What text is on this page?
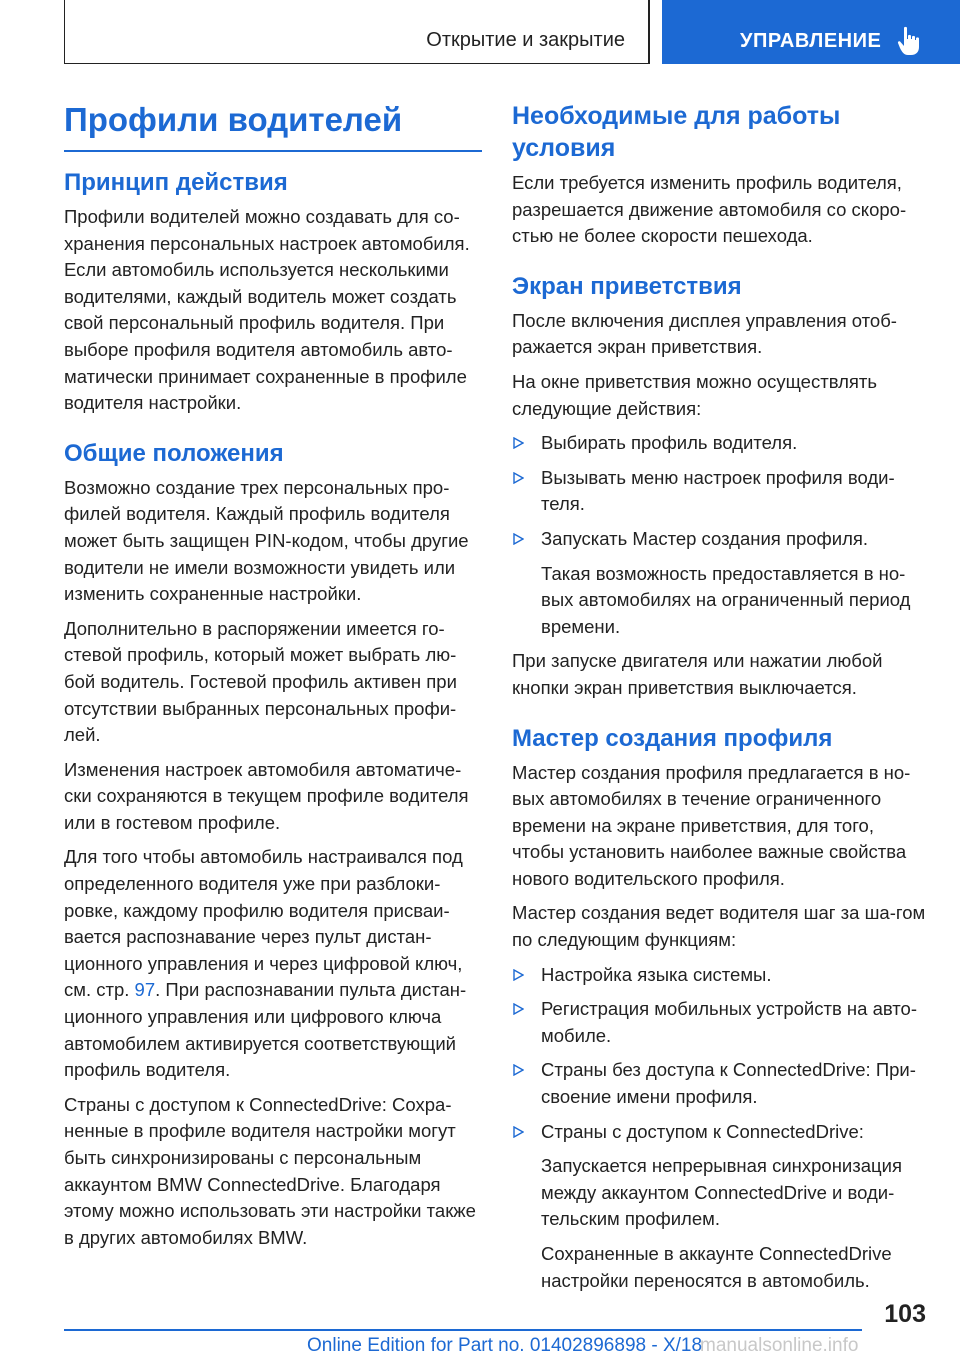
Открытие и закрытие	УПРАВЛЕНИЕ
Профили водителей
Принцип действия

Профили водителей можно создавать для со-хранения персональных настроек автомобиля. Если автомобиль используется несколькими водителями, каждый водитель может создать свой персональный профиль водителя. При выборе профиля водителя автомобиль авто-матически принимает сохраненные в профиле водителя настройки.

Общие положения

Возможно создание трех персональных про-филей водителя. Каждый профиль водителя может быть защищен PIN-кодом, чтобы другие водители не имели возможности увидеть или изменить сохраненные настройки.

Дополнительно в распоряжении имеется го-стевой профиль, который может выбрать лю-бой водитель. Гостевой профиль активен при отсутствии выбранных персональных профи-лей.

Изменения настроек автомобиля автоматиче-ски сохраняются в текущем профиле водителя или в гостевом профиле.

Для того чтобы автомобиль настраивался под определенного водителя уже при разблоки-ровке, каждому профилю водителя присваи-вается распознавание через пульт дистан-ционного управления и через цифровой ключ, см. стр. 97. При распознавании пульта дистан-ционного управления или цифрового ключа автомобилем активируется соответствующий профиль водителя.

Страны с доступом к ConnectedDrive: Сохра-ненные в профиле водителя настройки могут быть синхронизированы с персональным аккаунтом BMW ConnectedDrive. Благодаря этому можно использовать эти настройки также в других автомобилях BMW.

Необходимые для работы условия

Если требуется изменить профиль водителя, разрешается движение автомобиля со скоро-стью не более скорости пешехода.

Экран приветствия

После включения дисплея управления отоб-ражается экран приветствия.

На окне приветствия можно осуществлять следующие действия:

Выбирать профиль водителя.
Вызывать меню настроек профиля води-теля.
Запускать Мастер создания профиля.

Такая возможность предоставляется в но-вых автомобилях на ограниченный период времени.

При запуске двигателя или нажатии любой кнопки экран приветствия выключается.

Мастер создания профиля

Мастер создания профиля предлагается в но-вых автомобилях в течение ограниченного времени на экране приветствия, для того, чтобы установить наиболее важные свойства нового водительского профиля.

Мастер создания ведет водителя шаг за ша-гом по следующим функциям:

Настройка языка системы.
Регистрация мобильных устройств на авто-мобиле.
Страны без доступа к ConnectedDrive: При-своение имени профиля.
Страны с доступом к ConnectedDrive:

Запускается непрерывная синхронизация между аккаунтом ConnectedDrive и води-тельским профилем.

Сохраненные в аккаунте ConnectedDrive настройки переносятся в автомобиль.

103
Online Edition for Part no. 01402896898 - X/18
manualsonline.info
